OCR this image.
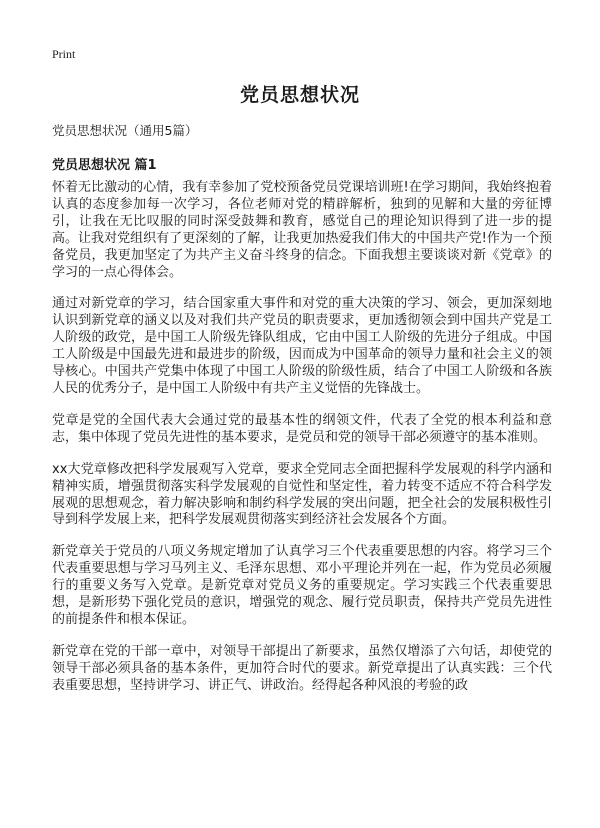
Print
党员思想状况
党员思想状况（通用5篇）
党员思想状况 篇1

怀着无比激动的心情，我有幸参加了党校预备党员党课培训班!在学习期间，我始终抱着认真的态度参加每一次学习，各位老师对党的精辟解析，独到的见解和大量的旁征博引，让我在无比叹服的同时深受鼓舞和教育，感觉自己的理论知识得到了进一步的提高。让我对党组织有了更深刻的了解，让我更加热爱我们伟大的中国共产党!作为一个预备党员，我更加坚定了为共产主义奋斗终身的信念。下面我想主要谈谈对新《党章》的学习的一点心得体会。

通过对新党章的学习，结合国家重大事件和对党的重大决策的学习、领会，更加深刻地认识到新党章的涵义以及对我们共产党员的职责要求，更加透彻领会到中国共产党是工人阶级的政党，是中国工人阶级先锋队组成，它由中国工人阶级的先进分子组成。中国工人阶级是中国最先进和最进步的阶级，因而成为中国革命的领导力量和社会主义的领导核心。中国共产党集中体现了中国工人阶级的阶级性质，结合了中国工人阶级和各族人民的优秀分子，是中国工人阶级中有共产主义觉悟的先锋战士。

党章是党的全国代表大会通过党的最基本性的纲领文件，代表了全党的根本利益和意志，集中体现了党员先进性的基本要求，是党员和党的领导干部必须遵守的基本准则。

xx大党章修改把科学发展观写入党章，要求全党同志全面把握科学发展观的科学内涵和精神实质，增强贯彻落实科学发展观的自觉性和坚定性，着力转变不适应不符合科学发展观的思想观念，着力解决影响和制约科学发展的突出问题，把全社会的发展积极性引导到科学发展上来，把科学发展观贯彻落实到经济社会发展各个方面。

新党章关于党员的八项义务规定增加了认真学习三个代表重要思想的内容。将学习三个代表重要思想与学习马列主义、毛泽东思想、邓小平理论并列在一起，作为党员必须履行的重要义务写入党章。是新党章对党员义务的重要规定。学习实践三个代表重要思想，是新形势下强化党员的意识，增强党的观念、履行党员职责，保持共产党员先进性的前提条件和根本保证。

新党章在党的干部一章中，对领导干部提出了新要求，虽然仅增添了六句话，却使党的领导干部必须具备的基本条件，更加符合时代的要求。新党章提出了认真实践：三个代表重要思想，坚持讲学习、讲正气、讲政治。经得起各种风浪的考验的政
